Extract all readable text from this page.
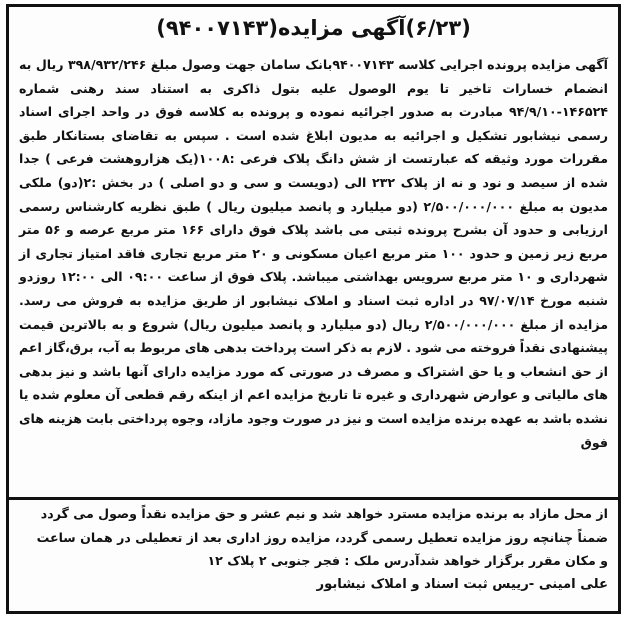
(۶/۲۳)آگهی مزایده(۹۴۰۰۷۱۴۳)
آگهی مزایده پرونده اجرایی کلاسه ۹۴۰۰۷۱۴۳بانک سامان جهت وصول مبلغ ۳۹۸/۹۳۲/۲۴۶ ریال به انضمام خسارات تاخیر تا یوم الوصول علیه بتول ذاکری به استناد سند رهنی شماره ۱۴۶۵۲۴-۹۴/۹/۱۰ مبادرت به صدور اجرائیه نموده و پرونده به کلاسه فوق در واحد اجرای اسناد رسمی نیشابور تشکیل و اجرائیه به مدیون ابلاغ شده است . سپس به تقاضای بستانکار طبق مقررات مورد وثیقه که عبارتست از شش دانگ پلاک فرعی :۱۰۰۸(یک هزاروهشت فرعی ) جدا شده از سیصد و نود و نه از پلاک ۲۳۲ الی (دویست و سی و دو اصلی ) در بخش :۲(دو) ملکی مدیون به مبلغ ۲/۵۰۰/۰۰۰/۰۰۰ (دو میلیارد و پانصد میلیون ریال ) طبق نظریه کارشناس رسمی ارزیابی و حدود آن بشرح پرونده ثبتی می باشد پلاک فوق دارای ۱۶۶ متر مربع عرصه و ۵۶ متر مربع زیر زمین و حدود ۱۰۰ متر مربع اعیان مسکونی و ۲۰ متر مربع تجاری فاقد امتیاز تجاری از شهرداری و ۱۰ متر مربع سرویس بهداشتی میباشد. پلاک فوق از ساعت ۰۹:۰۰ الی ۱۲:۰۰ روزدو شنبه مورخ ۹۷/۰۷/۱۴ در اداره ثبت اسناد و املاک نیشابور از طریق مزایده به فروش می رسد. مزایده از مبلغ ۲/۵۰۰/۰۰۰/۰۰۰ ریال (دو میلیارد و پانصد میلیون ریال) شروع و به بالاترین قیمت پیشنهادی نقداً فروخته می شود . لازم به ذکر است پرداخت بدهی های مربوط به آب، برق،گاز اعم از حق انشعاب و یا حق اشتراک و مصرف در صورتی که مورد مزایده دارای آنها باشد و نیز بدهی های مالیاتی و عوارض شهرداری و غیره تا تاریخ مزایده اعم از اینکه رقم قطعی آن معلوم شده یا نشده باشد به عهده برنده مزایده است و نیز در صورت وجود مازاد، وجوه پرداختی بابت هزینه های فوق

از محل مازاد به برنده مزایده مسترد خواهد شد و نیم عشر و حق مزایده نقداً وصول می گردد

ضمناً چنانچه روز مزایده تعطیل رسمی گردد، مزایده روز اداری بعد از تعطیلی در همان ساعت

و مکان مقرر برگزار خواهد شدآدرس ملک : فجر جنوبی ۲ پلاک ۱۲

علی امینی -رییس ثبت اسناد و املاک نیشابور
